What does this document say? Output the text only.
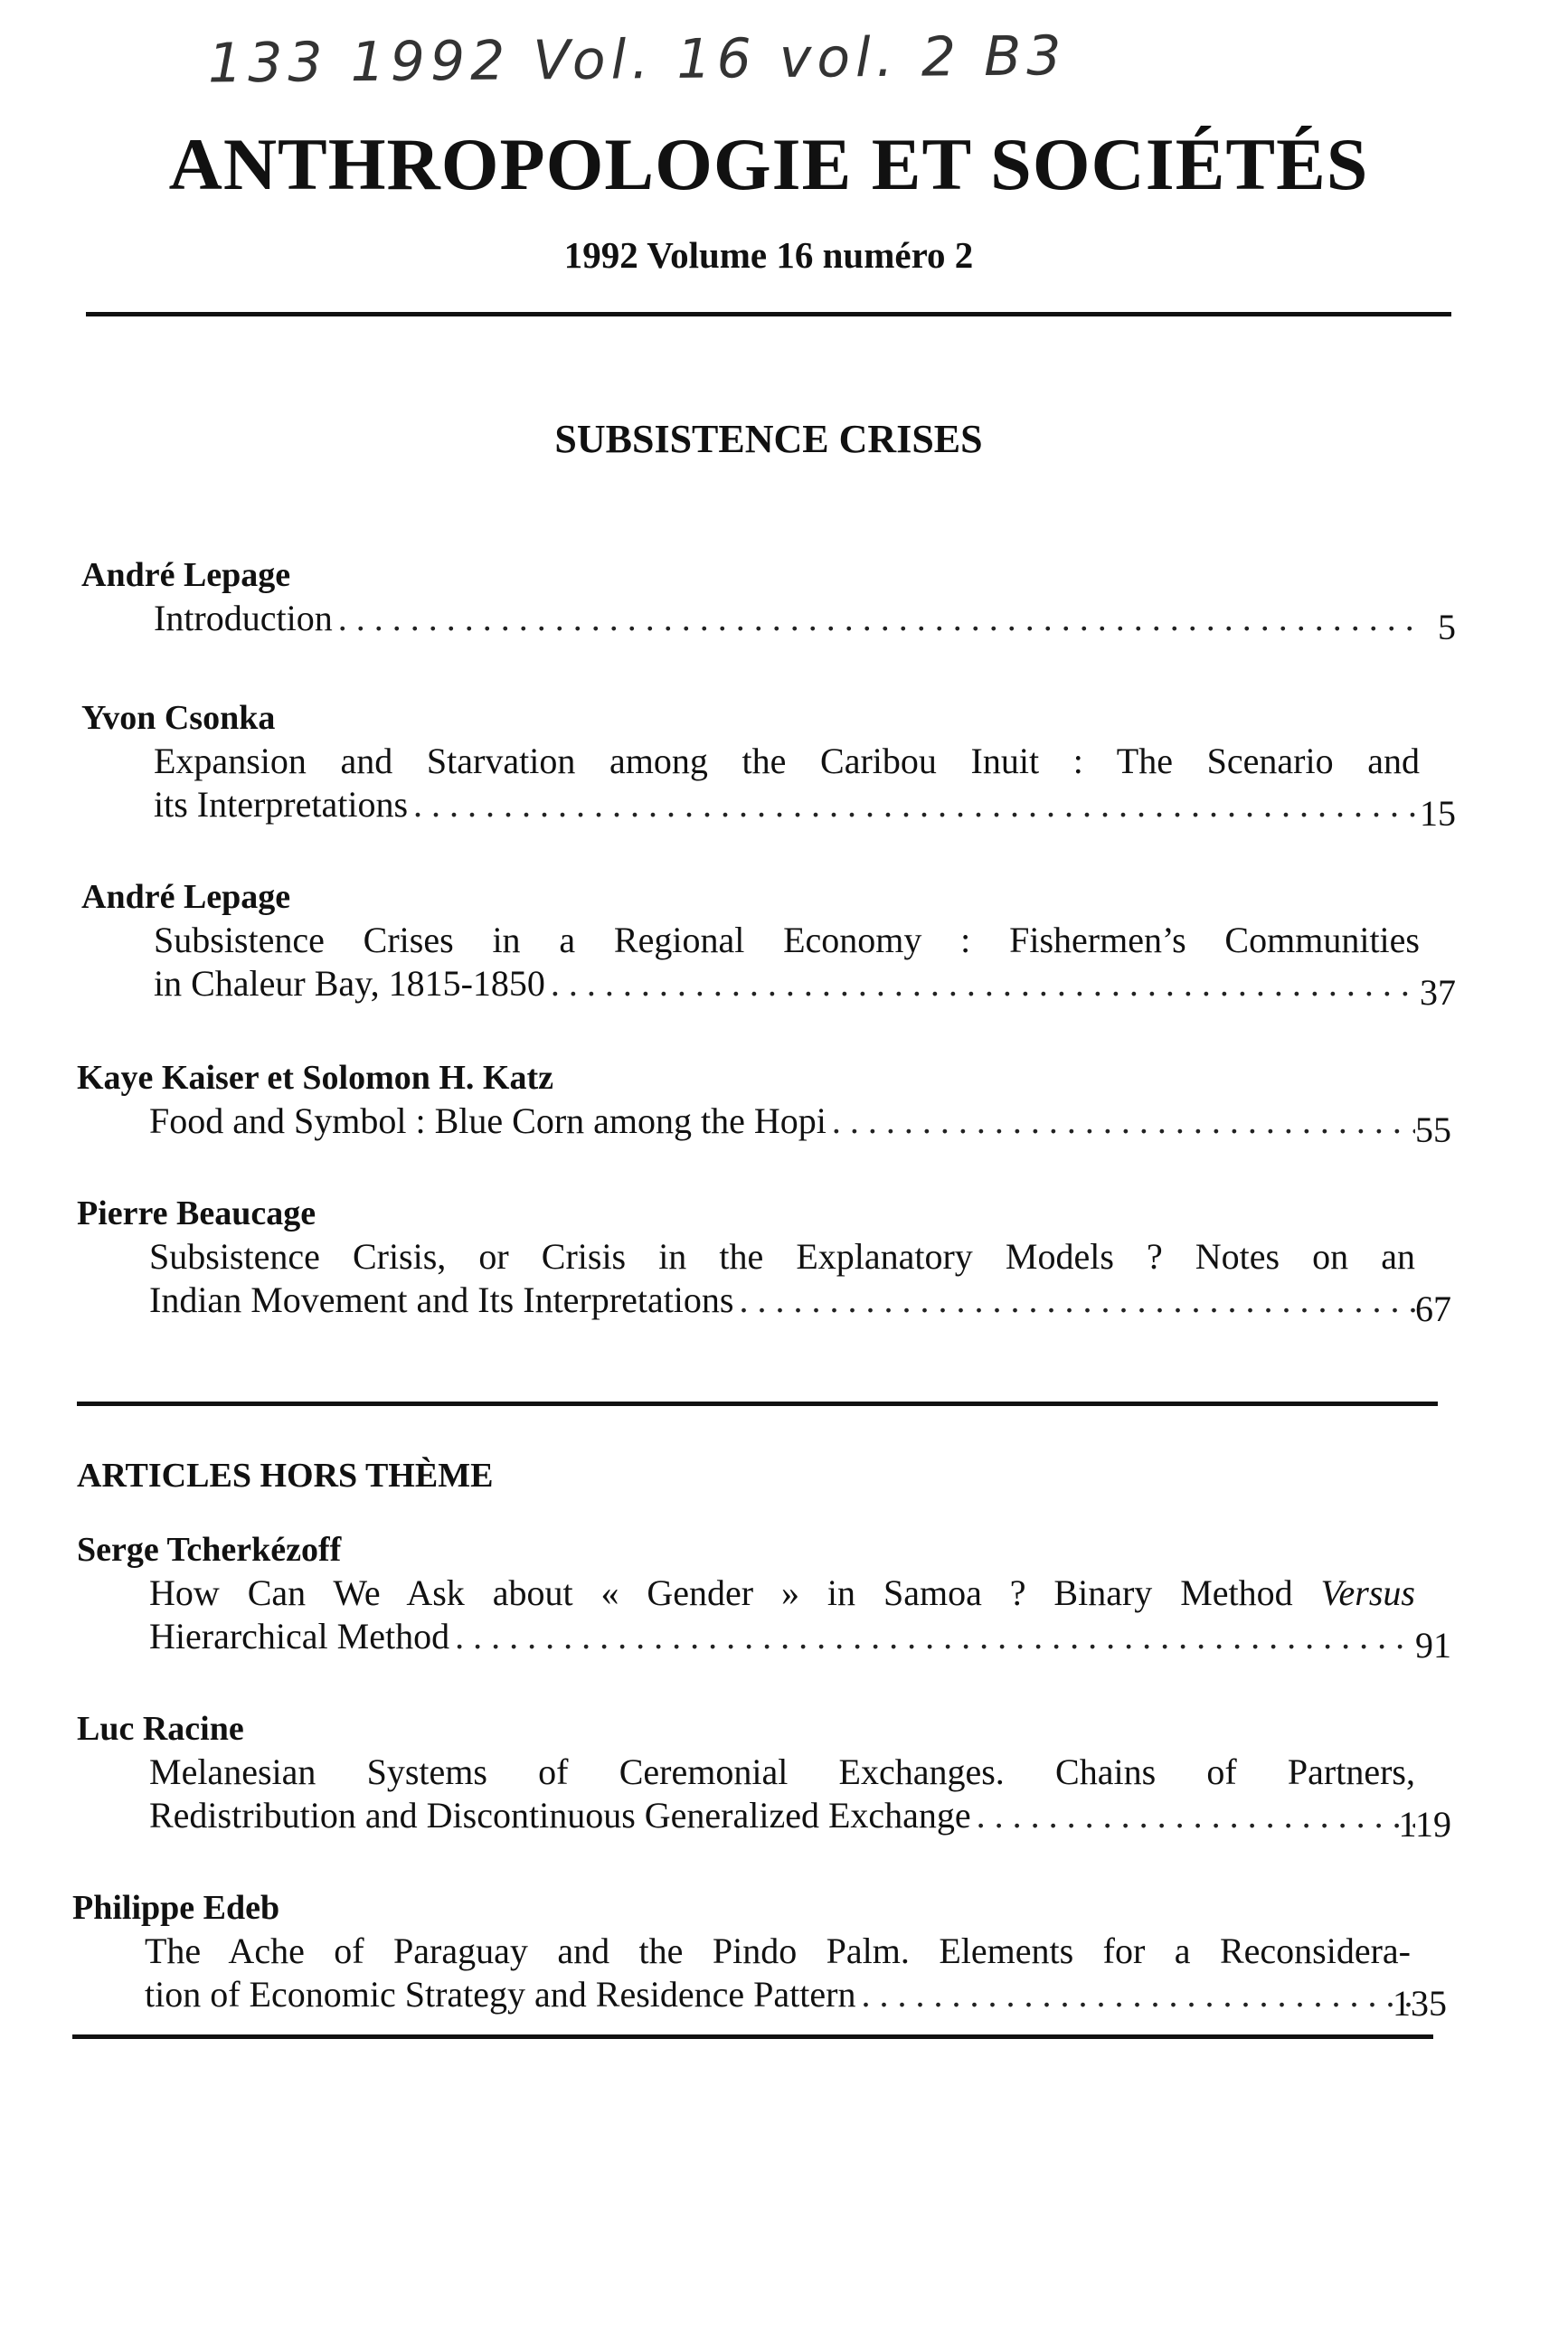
133 1992 Vol. 16 vol. 2 B3
ANTHROPOLOGIE ET SOCIÉTÉS
1992 Volume 16 numéro 2
SUBSISTENCE CRISES
André Lepage
Introduction . . .	5
Yvon Csonka
Expansion and Starvation among the Caribou Inuit : The Scenario and
its Interpretations . . .	15
André Lepage
Subsistence Crises in a Regional Economy : Fishermen’s Communities
in Chaleur Bay, 1815-1850 . . .	37
Kaye Kaiser et Solomon H. Katz
Food and Symbol : Blue Corn among the Hopi . . .	55
Pierre Beaucage
Subsistence Crisis, or Crisis in the Explanatory Models ? Notes on an
Indian Movement and Its Interpretations . . .	67
ARTICLES HORS THÈME
Serge Tcherkézoff
How Can We Ask about « Gender » in Samoa ? Binary Method Versus
Hierarchical Method . . .	91
Luc Racine
Melanesian Systems of Ceremonial Exchanges. Chains of Partners,
Redistribution and Discontinuous Generalized Exchange . . .	119
Philippe Edeb
The Ache of Paraguay and the Pindo Palm. Elements for a Reconsidera-
tion of Economic Strategy and Residence Pattern . . .	135
